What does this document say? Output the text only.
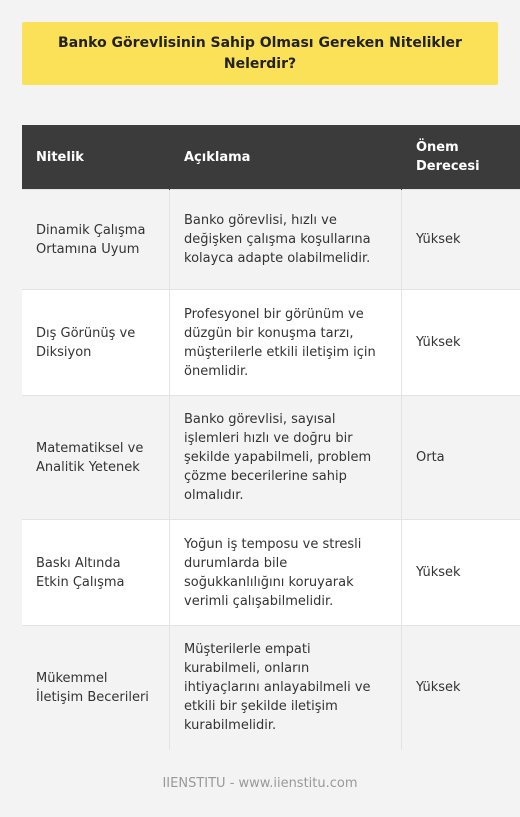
Banko Görevlisinin Sahip Olması Gereken Nitelikler Nelerdir?
Nitelik	Açıklama	Önem Derecesi
Dinamik Çalışma Ortamına Uyum	Banko görevlisi, hızlı ve değişken çalışma koşullarına kolayca adapte olabilmelidir.	Yüksek
Dış Görünüş ve Diksiyon	Profesyonel bir görünüm ve düzgün bir konuşma tarzı, müşterilerle etkili iletişim için önemlidir.	Yüksek
Matematiksel ve Analitik Yetenek	Banko görevlisi, sayısal işlemleri hızlı ve doğru bir şekilde yapabilmeli, problem çözme becerilerine sahip olmalıdır.	Orta
Baskı Altında Etkin Çalışma	Yoğun iş temposu ve stresli durumlarda bile soğukkanlılığını koruyarak verimli çalışabilmelidir.	Yüksek
Mükemmel İletişim Becerileri	Müşterilerle empati kurabilmeli, onların ihtiyaçlarını anlayabilmeli ve etkili bir şekilde iletişim kurabilmelidir.	Yüksek
IIENSTITU - www.iienstitu.com
